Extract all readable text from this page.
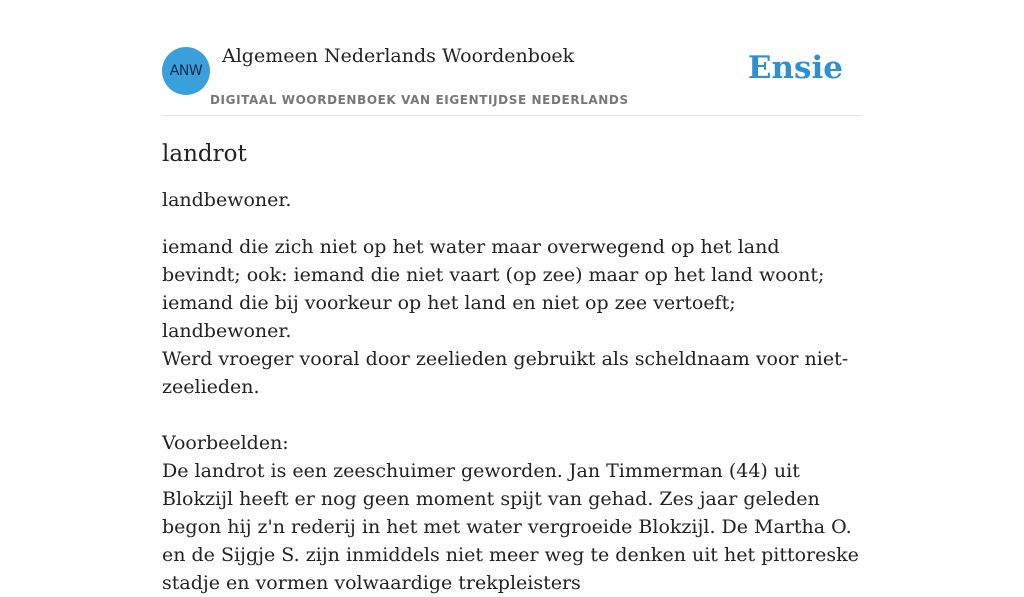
ANW
Algemeen Nederlands Woordenboek
DIGITAAL WOORDENBOEK VAN EIGENTIJDSE NEDERLANDS
Ensie
landrot

landbewoner.

iemand die zich niet op het water maar overwegend op het land bevindt; ook: iemand die niet vaart (op zee) maar op het land woont; iemand die bij voorkeur op het land en niet op zee vertoeft; landbewoner.
Werd vroeger vooral door zeelieden gebruikt als scheldnaam voor niet-zeelieden.

Voorbeelden:
De landrot is een zeeschuimer geworden. Jan Timmerman (44) uit Blokzijl heeft er nog geen moment spijt van gehad. Zes jaar geleden begon hij z'n rederij in het met water vergroeide Blokzijl. De Martha O. en de Sijgje S. zijn inmiddels niet meer weg te denken uit het pittoreske stadje en vormen volwaardige trekpleisters
